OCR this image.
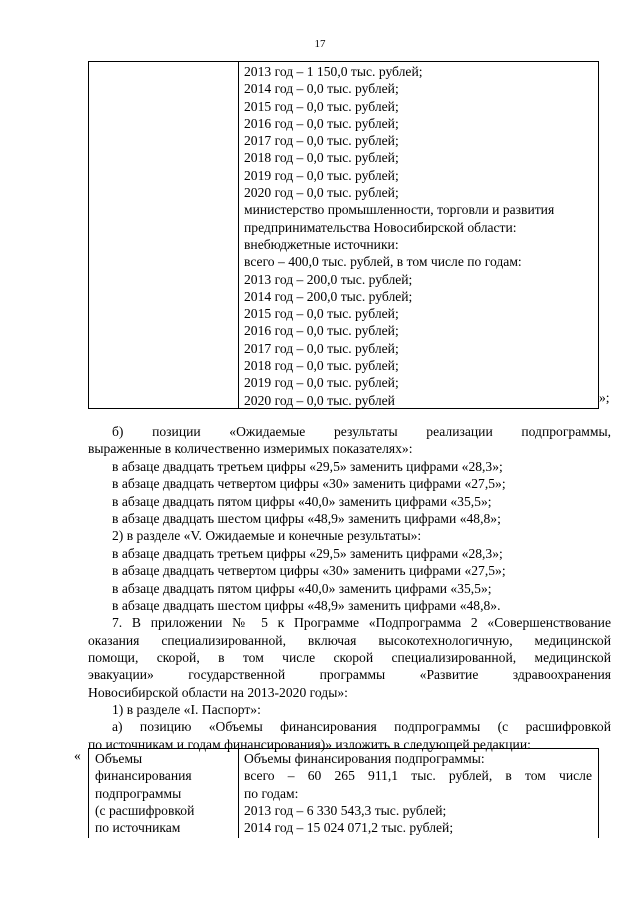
17
2013 год – 1 150,0 тыс. рублей;
2014 год – 0,0 тыс. рублей;
2015 год – 0,0 тыс. рублей;
2016 год – 0,0 тыс. рублей;
2017 год – 0,0 тыс. рублей;
2018 год – 0,0 тыс. рублей;
2019 год – 0,0 тыс. рублей;
2020 год – 0,0 тыс. рублей;
министерство промышленности, торговли и развития
предпринимательства Новосибирской области:
внебюджетные источники:
всего – 400,0 тыс. рублей, в том числе по годам:
2013 год – 200,0 тыс. рублей;
2014 год – 200,0 тыс. рублей;
2015 год – 0,0 тыс. рублей;
2016 год – 0,0 тыс. рублей;
2017 год – 0,0 тыс. рублей;
2018 год – 0,0 тыс. рублей;
2019 год – 0,0 тыс. рублей;
2020 год – 0,0 тыс. рублей	»;
б) позиции «Ожидаемые результаты реализации подпрограммы,
выраженные в количественно измеримых показателях»:
в абзаце двадцать третьем цифры «29,5» заменить цифрами «28,3»;
в абзаце двадцать четвертом цифры «30» заменить цифрами «27,5»;
в абзаце двадцать пятом цифры «40,0» заменить цифрами «35,5»;
в абзаце двадцать шестом цифры «48,9» заменить цифрами «48,8»;
2) в разделе «V. Ожидаемые и конечные результаты»:
в абзаце двадцать третьем цифры «29,5» заменить цифрами «28,3»;
в абзаце двадцать четвертом цифры «30» заменить цифрами «27,5»;
в абзаце двадцать пятом цифры «40,0» заменить цифрами «35,5»;
в абзаце двадцать шестом цифры «48,9» заменить цифрами «48,8».
7. В приложении № 5 к Программе «Подпрограмма 2 «Совершенствование
оказания специализированной, включая высокотехнологичную, медицинской
помощи, скорой, в том числе скорой специализированной, медицинской
эвакуации» государственной программы «Развитие здравоохранения
Новосибирской области на 2013-2020 годы»:
1) в разделе «I. Паспорт»:
а) позицию «Объемы финансирования подпрограммы (с расшифровкой
по источникам и годам финансирования)» изложить в следующей редакции:
« Объемы
финансирования
подпрограммы
(с расшифровкой
по источникам
Объемы финансирования подпрограммы:
всего – 60 265 911,1 тыс. рублей, в том числе
по годам:
2013 год – 6 330 543,3 тыс. рублей;
2014 год – 15 024 071,2 тыс. рублей;
